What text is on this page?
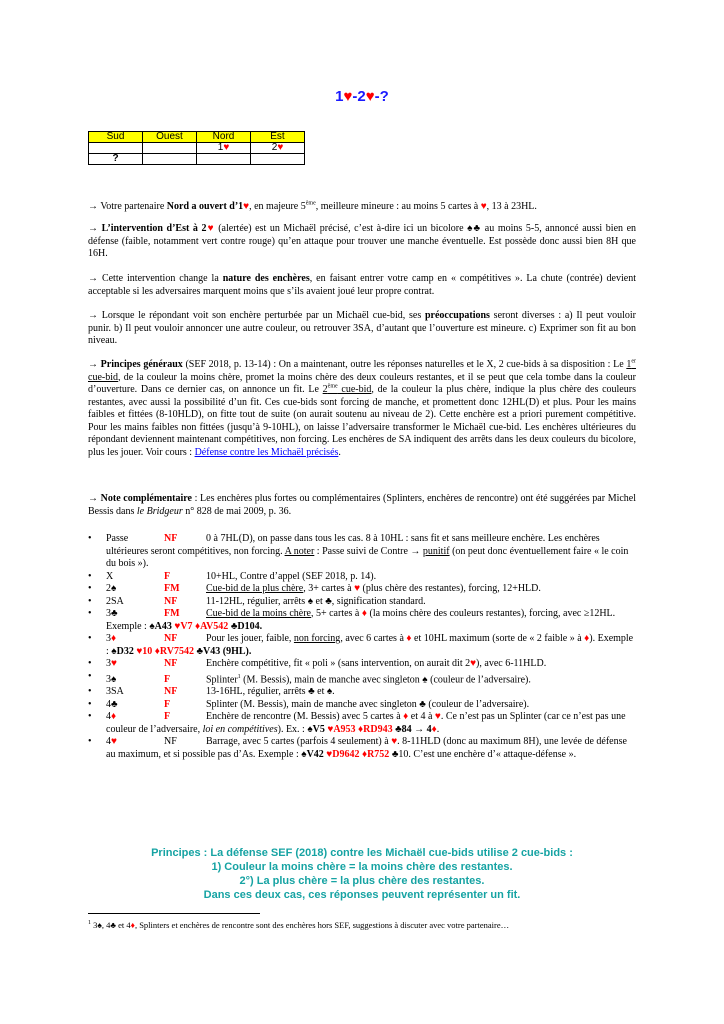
1♥-2♥-?
Sud	Ouest	Nord	Est
		1♥	2♥
?			
→ Votre partenaire Nord a ouvert d’1♥, en majeure 5ème, meilleure mineure : au moins 5 cartes à ♥, 13 à 23HL.
→ L’intervention d’Est à 2♥ (alertée) est un Michaël précisé, c’est à-dire ici un bicolore ♠♣ au moins 5-5, annoncé aussi bien en défense (faible, notamment vert contre rouge) qu’en attaque pour trouver une manche éventuelle. Est possède donc aussi bien 8H que 16H.
→ Cette intervention change la nature des enchères, en faisant entrer votre camp en « compétitives ». La chute (contrée) devient acceptable si les adversaires marquent moins que s’ils avaient joué leur propre contrat.
→ Lorsque le répondant voit son enchère perturbée par un Michaël cue-bid, ses préoccupations seront diverses : a) Il peut vouloir punir. b) Il peut vouloir annoncer une autre couleur, ou retrouver 3SA, d’autant que l’ouverture est mineure. c) Exprimer son fit au bon niveau.
→ Principes généraux (SEF 2018, p. 13-14) : On a maintenant, outre les réponses naturelles et le X, 2 cue-bids à sa disposition : Le 1er cue-bid, de la couleur la moins chère, promet la moins chère des deux couleurs restantes, et il se peut que cela tombe dans la couleur d’ouverture. Dans ce dernier cas, on annonce un fit. Le 2ème cue-bid, de la couleur la plus chère, indique la plus chère des couleurs restantes, avec aussi la possibilité d’un fit. Ces cue-bids sont forcing de manche, et promettent donc 12HL(D) et plus. Pour les mains faibles et fittées (8-10HLD), on fitte tout de suite (on aurait soutenu au niveau de 2). Cette enchère est a priori purement compétitive. Pour les mains faibles non fittées (jusqu’à 9-10HL), on laisse l’adversaire transformer le Michaël cue-bid. Les enchères ultérieures du répondant deviennent maintenant compétitives, non forcing. Les enchères de SA indiquent des arrêts dans les deux couleurs du bicolore, plus les jouer. Voir cours : Défense contre les Michaël précisés.
→ Note complémentaire : Les enchères plus fortes ou complémentaires (Splinters, enchères de rencontre) ont été suggérées par Michel Bessis dans le Bridgeur n° 828 de mai 2009, p. 36.
• Passe	NF	0 à 7HL(D), on passe dans tous les cas. 8 à 10HL : sans fit et sans meilleure enchère. Les enchères ultérieures seront compétitives, non forcing. A noter : Passe suivi de Contre → punitif (on peut donc éventuellement faire « le coin du bois »).
• X	F	10+HL, Contre d’appel (SEF 2018, p. 14).
• 2♠	FM	Cue-bid de la plus chère, 3+ cartes à ♥ (plus chère des restantes), forcing, 12+HLD.
• 2SA	NF	11-12HL, régulier, arrêts ♠ et ♣, signification standard.
• 3♣	FM	Cue-bid de la moins chère, 5+ cartes à ♦ (la moins chère des couleurs restantes), forcing, avec ≥12HL. Exemple : ♠A43 ♥V7 ♦AV542 ♣D104.
• 3♦	NF	Pour les jouer, faible, non forcing, avec 6 cartes à ♦ et 10HL maximum (sorte de « 2 faible » à ♦). Exemple : ♠D32 ♥10 ♦RV7542 ♣V43 (9HL).
• 3♥	NF	Enchère compétitive, fit « poli » (sans intervention, on aurait dit 2♥), avec 6-11HLD.
• 3♠	F	Splinter$^1$ (M. Bessis), main de manche avec singleton ♠ (couleur de l’adversaire).
• 3SA	NF	13-16HL, régulier, arrêts ♣ et ♠.
• 4♣	F	Splinter (M. Bessis), main de manche avec singleton ♣ (couleur de l’adversaire).
• 4♦	F	Enchère de rencontre (M. Bessis) avec 5 cartes à ♦ et 4 à ♥. Ce n’est pas un Splinter (car ce n’est pas une couleur de l’adversaire, loi en compétitives). Ex. : ♠V5 ♥A953 ♦RD943 ♣84 → 4♦.
• 4♥	NF	Barrage, avec 5 cartes (parfois 4 seulement) à ♥. 8-11HLD (donc au maximum 8H), une levée de défense au maximum, et si possible pas d’As. Exemple : ♠V42 ♥D9642 ♦R752 ♣10. C’est une enchère d’« attaque-défense ».
Principes : La défense SEF (2018) contre les Michaël cue-bids utilise 2 cue-bids :
1) Couleur la moins chère = la moins chère des restantes.
2°) La plus chère = la plus chère des restantes.
Dans ces deux cas, ces réponses peuvent représenter un fit.
$^1$ 3♠, 4♣ et 4♦, Splinters et enchères de rencontre sont des enchères hors SEF, suggestions à discuter avec votre partenaire…
